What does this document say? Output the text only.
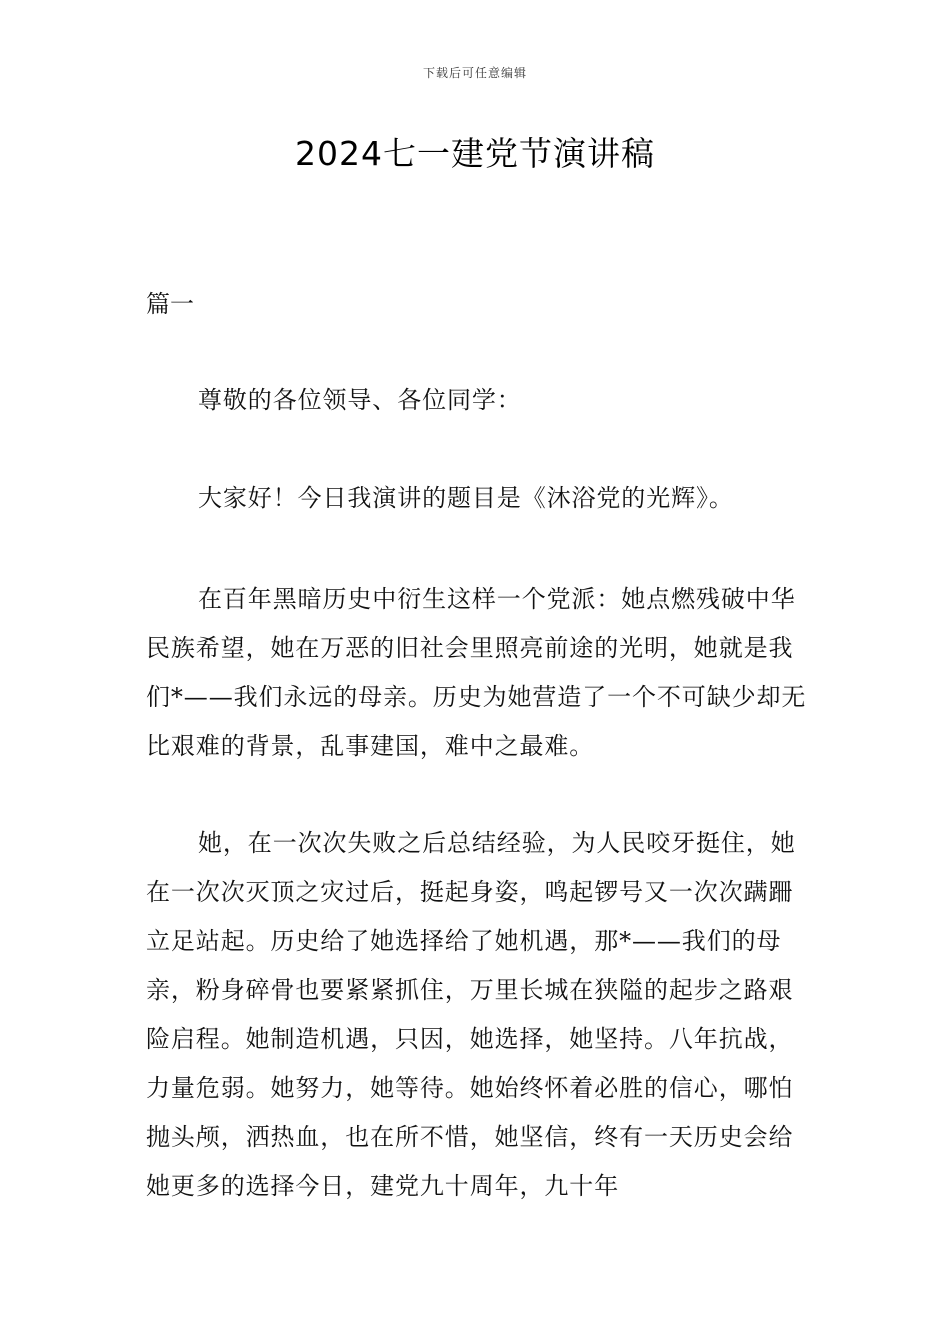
下载后可任意编辑
2024七一建党节演讲稿
篇一

尊敬的各位领导、各位同学：

大家好！今日我演讲的题目是《沐浴党的光辉》。

在百年黑暗历史中衍生这样一个党派：她点燃残破中华民族希望，她在万恶的旧社会里照亮前途的光明，她就是我们*——我们永远的母亲。历史为她营造了一个不可缺少却无比艰难的背景，乱事建国，难中之最难。

她，在一次次失败之后总结经验，为人民咬牙挺住，她在一次次灭顶之灾过后，挺起身姿，鸣起锣号又一次次蹒跚立足站起。历史给了她选择给了她机遇，那*——我们的母亲，粉身碎骨也要紧紧抓住，万里长城在狭隘的起步之路艰险启程。她制造机遇，只因，她选择，她坚持。八年抗战，力量危弱。她努力，她等待。她始终怀着必胜的信心，哪怕抛头颅，洒热血，也在所不惜，她坚信，终有一天历史会给她更多的选择今日，建党九十周年，九十年
